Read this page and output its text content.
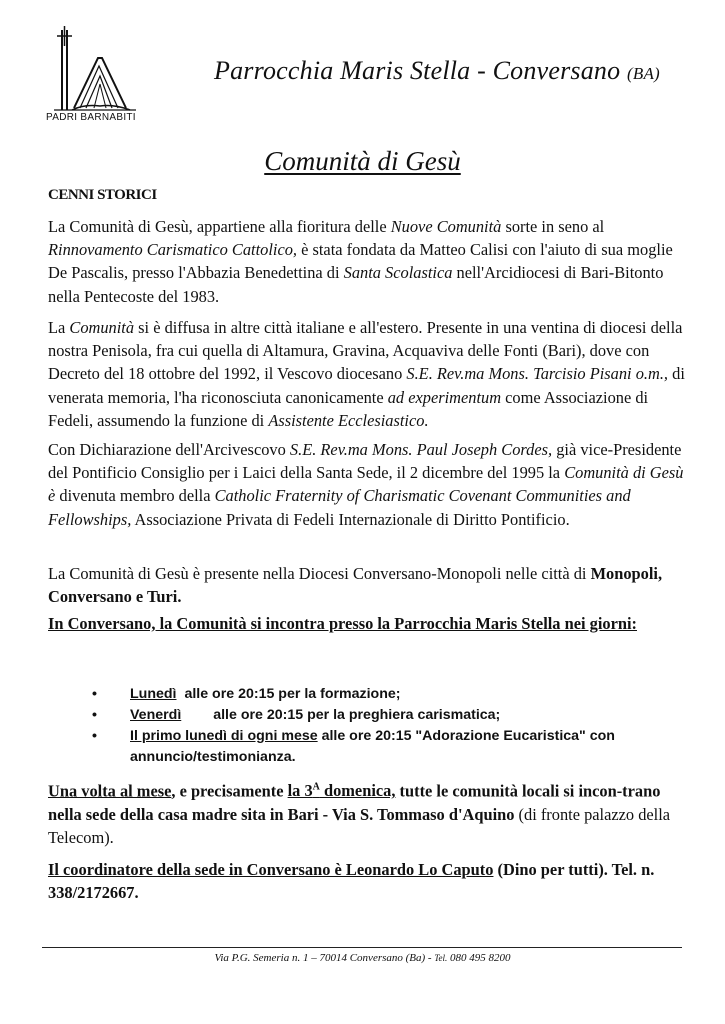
PADRI BARNABITI
Parrocchia Maris Stella - Conversano (BA)
Comunità di Gesù
CENNI STORICI
La Comunità di Gesù, appartiene alla fioritura delle Nuove Comunità sorte in seno al Rinnovamento Carismatico Cattolico, è stata fondata da Matteo Calisi con l'aiuto di sua moglie De Pascalis, presso l'Abbazia Benedettina di Santa Scolastica nell'Arcidiocesi di Bari-Bitonto nella Pentecoste del 1983.
La Comunità si è diffusa in altre città italiane e all'estero. Presente in una ventina di diocesi della nostra Penisola, fra cui quella di Altamura, Gravina, Acquaviva delle Fonti (Bari), dove con Decreto del 18 ottobre del 1992, il Vescovo diocesano S.E. Rev.ma Mons. Tarcisio Pisani o.m., di venerata memoria, l'ha riconosciuta canonicamente ad experimentum come Associazione di Fedeli, assumendo la funzione di Assistente Ecclesiastico.
Con Dichiarazione dell'Arcivescovo S.E. Rev.ma Mons. Paul Joseph Cordes, già vice-Presidente del Pontificio Consiglio per i Laici della Santa Sede, il 2 dicembre del 1995 la Comunità di Gesù è divenuta membro della Catholic Fraternity of Charismatic Covenant Communities and Fellowships, Associazione Privata di Fedeli Internazionale di Diritto Pontificio.
La Comunità di Gesù è presente nella Diocesi Conversano-Monopoli nelle città di Monopoli, Conversano e Turi.
In Conversano, la Comunità si incontra presso la Parrocchia Maris Stella nei giorni:
• Lunedì alle ore 20:15 per la formazione;
• Venerdì alle ore 20:15 per la preghiera carismatica;
• Il primo lunedì di ogni mese alle ore 20:15 "Adorazione Eucaristica" con annuncio/testimonianza.
Una volta al mese, e precisamente la $3^A$ domenica, tutte le comunità locali si incon-trano nella sede della casa madre sita in Bari - Via S. Tommaso d'Aquino (di fronte palazzo della Telecom).
Il coordinatore della sede in Conversano è Leonardo Lo Caputo (Dino per tutti). Tel. n. 338/2172667.
Via P.G. Semeria n. 1 – 70014 Conversano (Ba) - Tel. 080 495 8200
